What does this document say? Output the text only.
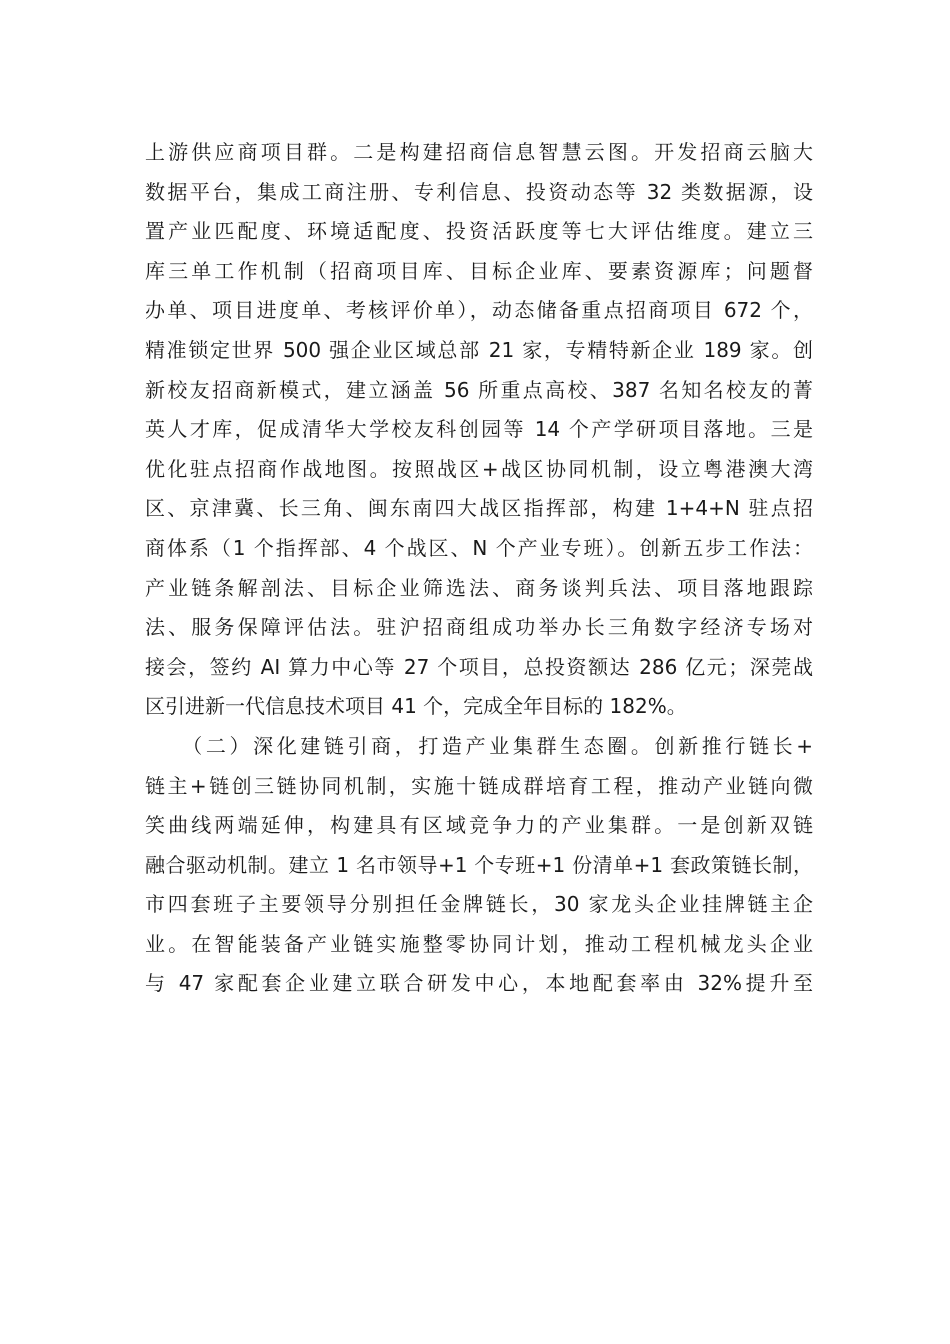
上游供应商项目群。二是构建招商信息智慧云图。开发招商云脑大
数据平台，集成工商注册、专利信息、投资动态等 32 类数据源，设
置产业匹配度、环境适配度、投资活跃度等七大评估维度。建立三
库三单工作机制（招商项目库、目标企业库、要素资源库；问题督
办单、项目进度单、考核评价单），动态储备重点招商项目 672 个，
精准锁定世界 500 强企业区域总部 21 家，专精特新企业 189 家。创
新校友招商新模式，建立涵盖 56 所重点高校、387 名知名校友的菁
英人才库，促成清华大学校友科创园等 14 个产学研项目落地。三是
优化驻点招商作战地图。按照战区+战区协同机制，设立粤港澳大湾
区、京津冀、长三角、闽东南四大战区指挥部，构建 1+4+N 驻点招
商体系（1 个指挥部、4 个战区、N 个产业专班）。创新五步工作法：
产业链条解剖法、目标企业筛选法、商务谈判兵法、项目落地跟踪
法、服务保障评估法。驻沪招商组成功举办长三角数字经济专场对
接会，签约 AI 算力中心等 27 个项目，总投资额达 286 亿元；深莞战
区引进新一代信息技术项目 41 个，完成全年目标的 182%。
　　（二）深化建链引商，打造产业集群生态圈。创新推行链长+
链主+链创三链协同机制，实施十链成群培育工程，推动产业链向微
笑曲线两端延伸，构建具有区域竞争力的产业集群。一是创新双链
融合驱动机制。建立 1 名市领导+1 个专班+1 份清单+1 套政策链长制，
市四套班子主要领导分别担任金牌链长，30 家龙头企业挂牌链主企
业。在智能装备产业链实施整零协同计划，推动工程机械龙头企业
与 47 家配套企业建立联合研发中心，本地配套率由 32%提升至
